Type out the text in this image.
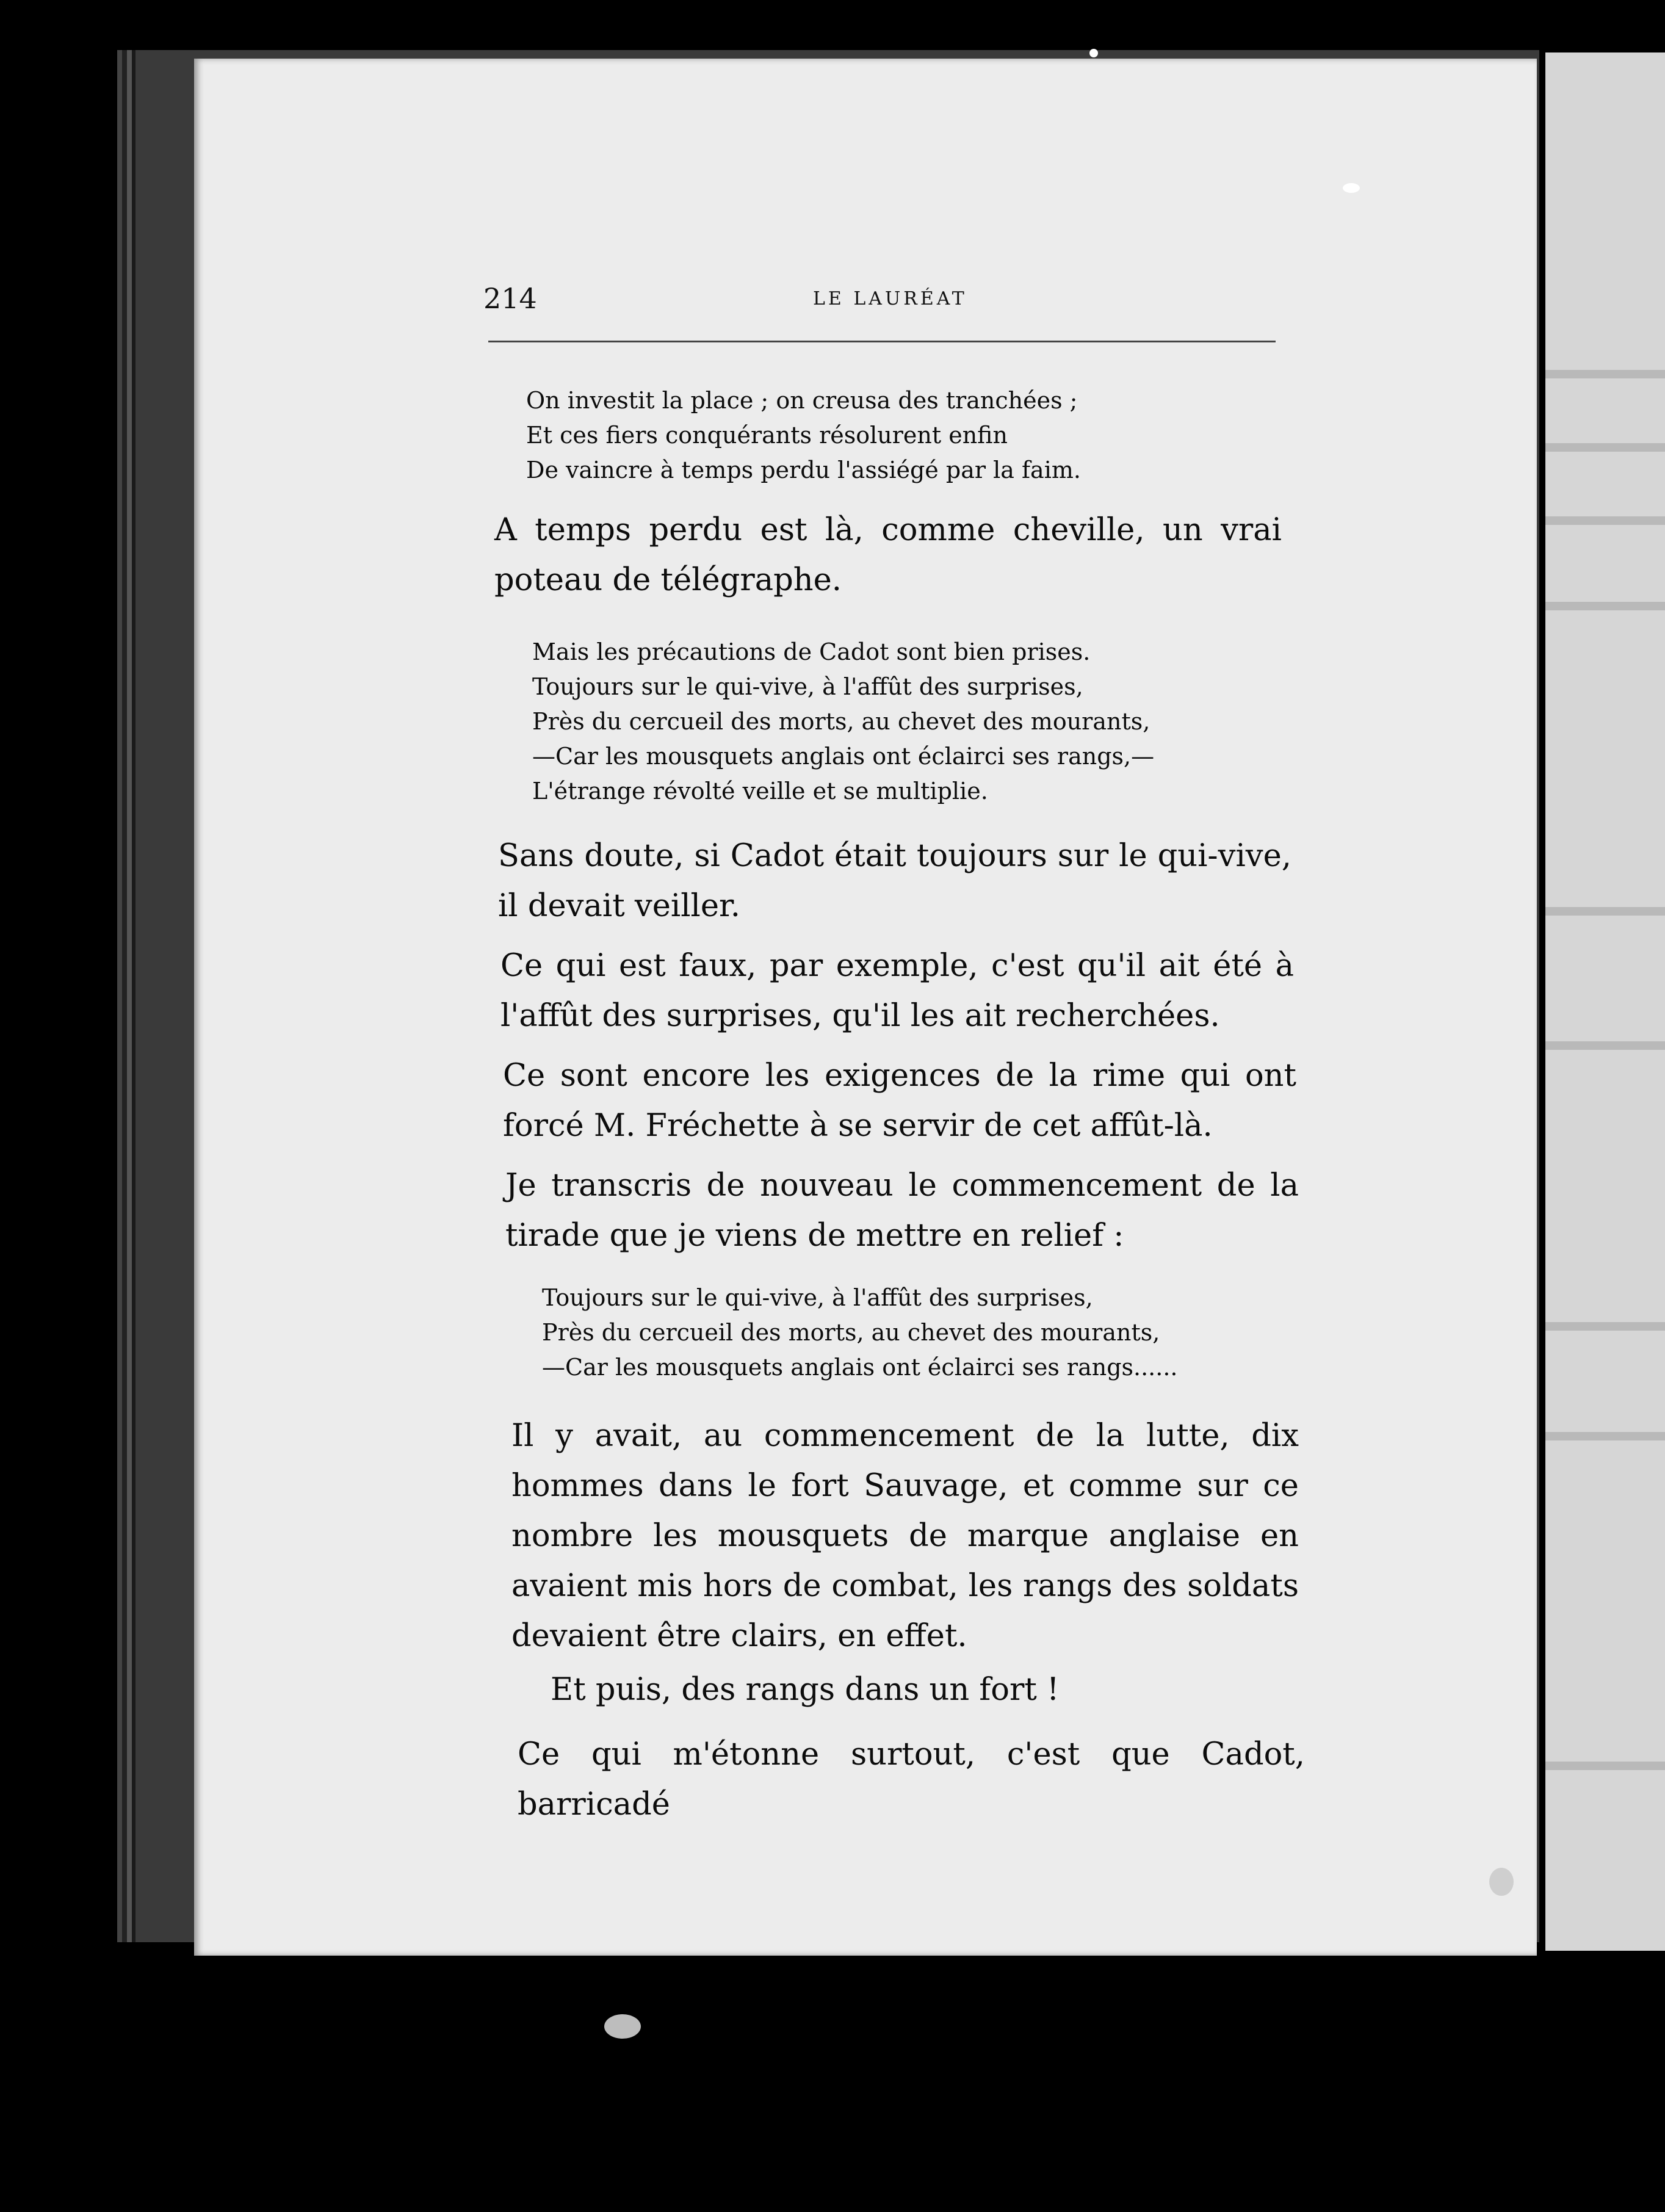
214	LE LAURÉAT
On investit la place ; on creusa des tranchées ;
Et ces fiers conquérants résolurent enfin
De vaincre à temps perdu l'assiégé par la faim.
A temps perdu est là, comme cheville, un vrai poteau de télégraphe.
Mais les précautions de Cadot sont bien prises.
Toujours sur le qui-vive, à l'affût des surprises,
Près du cercueil des morts, au chevet des mourants,
—Car les mousquets anglais ont éclairci ses rangs,—
L'étrange révolté veille et se multiplie.
Sans doute, si Cadot était toujours sur le qui-vive, il devait veiller.
Ce qui est faux, par exemple, c'est qu'il ait été à l'affût des surprises, qu'il les ait recherchées.
Ce sont encore les exigences de la rime qui ont forcé M. Fréchette à se servir de cet affût-là.
Je transcris de nouveau le commencement de la tirade que je viens de mettre en relief :
Toujours sur le qui-vive, à l'affût des surprises,
Près du cercueil des morts, au chevet des mourants,
—Car les mousquets anglais ont éclairci ses rangs......
Il y avait, au commencement de la lutte, dix hommes dans le fort Sauvage, et comme sur ce nombre les mousquets de marque anglaise en avaient mis hors de combat, les rangs des soldats devaient être clairs, en effet.
Et puis, des rangs dans un fort !
Ce qui m'étonne surtout, c'est que Cadot, barricadé
